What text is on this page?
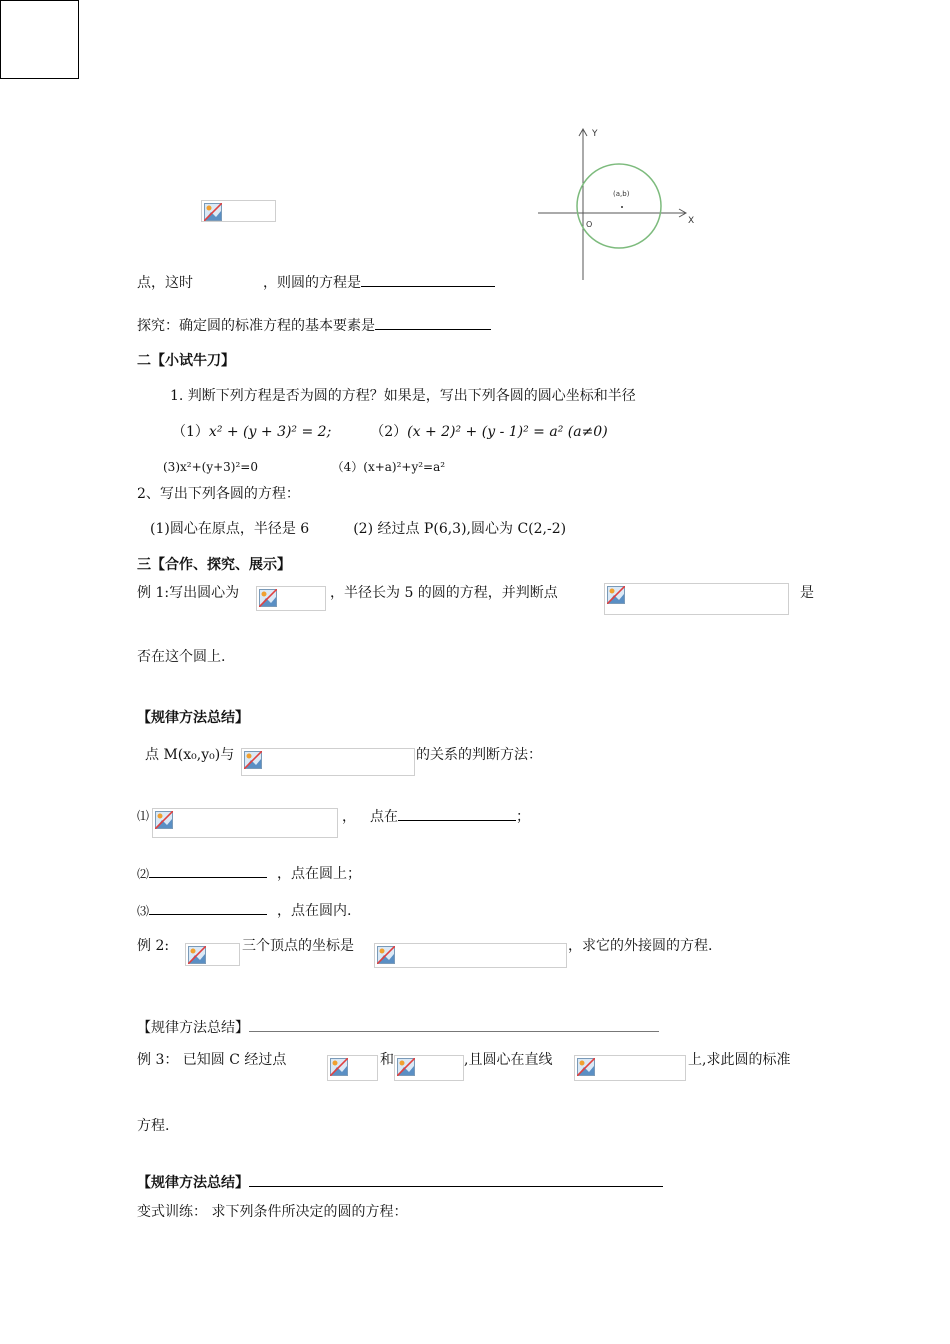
Y
X
O
(a,b)
点，这时	，则圆的方程是
探究：确定圆的标准方程的基本要素是
二【小试牛刀】
1. 判断下列方程是否为圆的方程？如果是，写出下列各圆的圆心坐标和半径
（1）x² + (y + 3)² = 2;	（2）(x + 2)² + (y - 1)² = a² (a≠0)
(3)x²+(y+3)²=0	（4）(x+a)²+y²=a²
2、写出下列各圆的方程：
(1)圆心在原点，半径是 6	(2) 经过点 P(6,3),圆心为 C(2,-2)
三【合作、探究、展示】
例 1:写出圆心为	，半径长为 5 的圆的方程，并判断点	是
否在这个圆上.
【规律方法总结】
点 M(x₀,y₀)与	的关系的判断方法：
⑴	， 点在	；
⑵	，点在圆上；
⑶	，点在圆内.
例 2:	三个顶点的坐标是	，求它的外接圆的方程.
【规律方法总结】
例 3： 已知圆 C 经过点	和	,且圆心在直线	上,求此圆的标准
方程.
【规律方法总结】
变式训练： 求下列条件所决定的圆的方程：
